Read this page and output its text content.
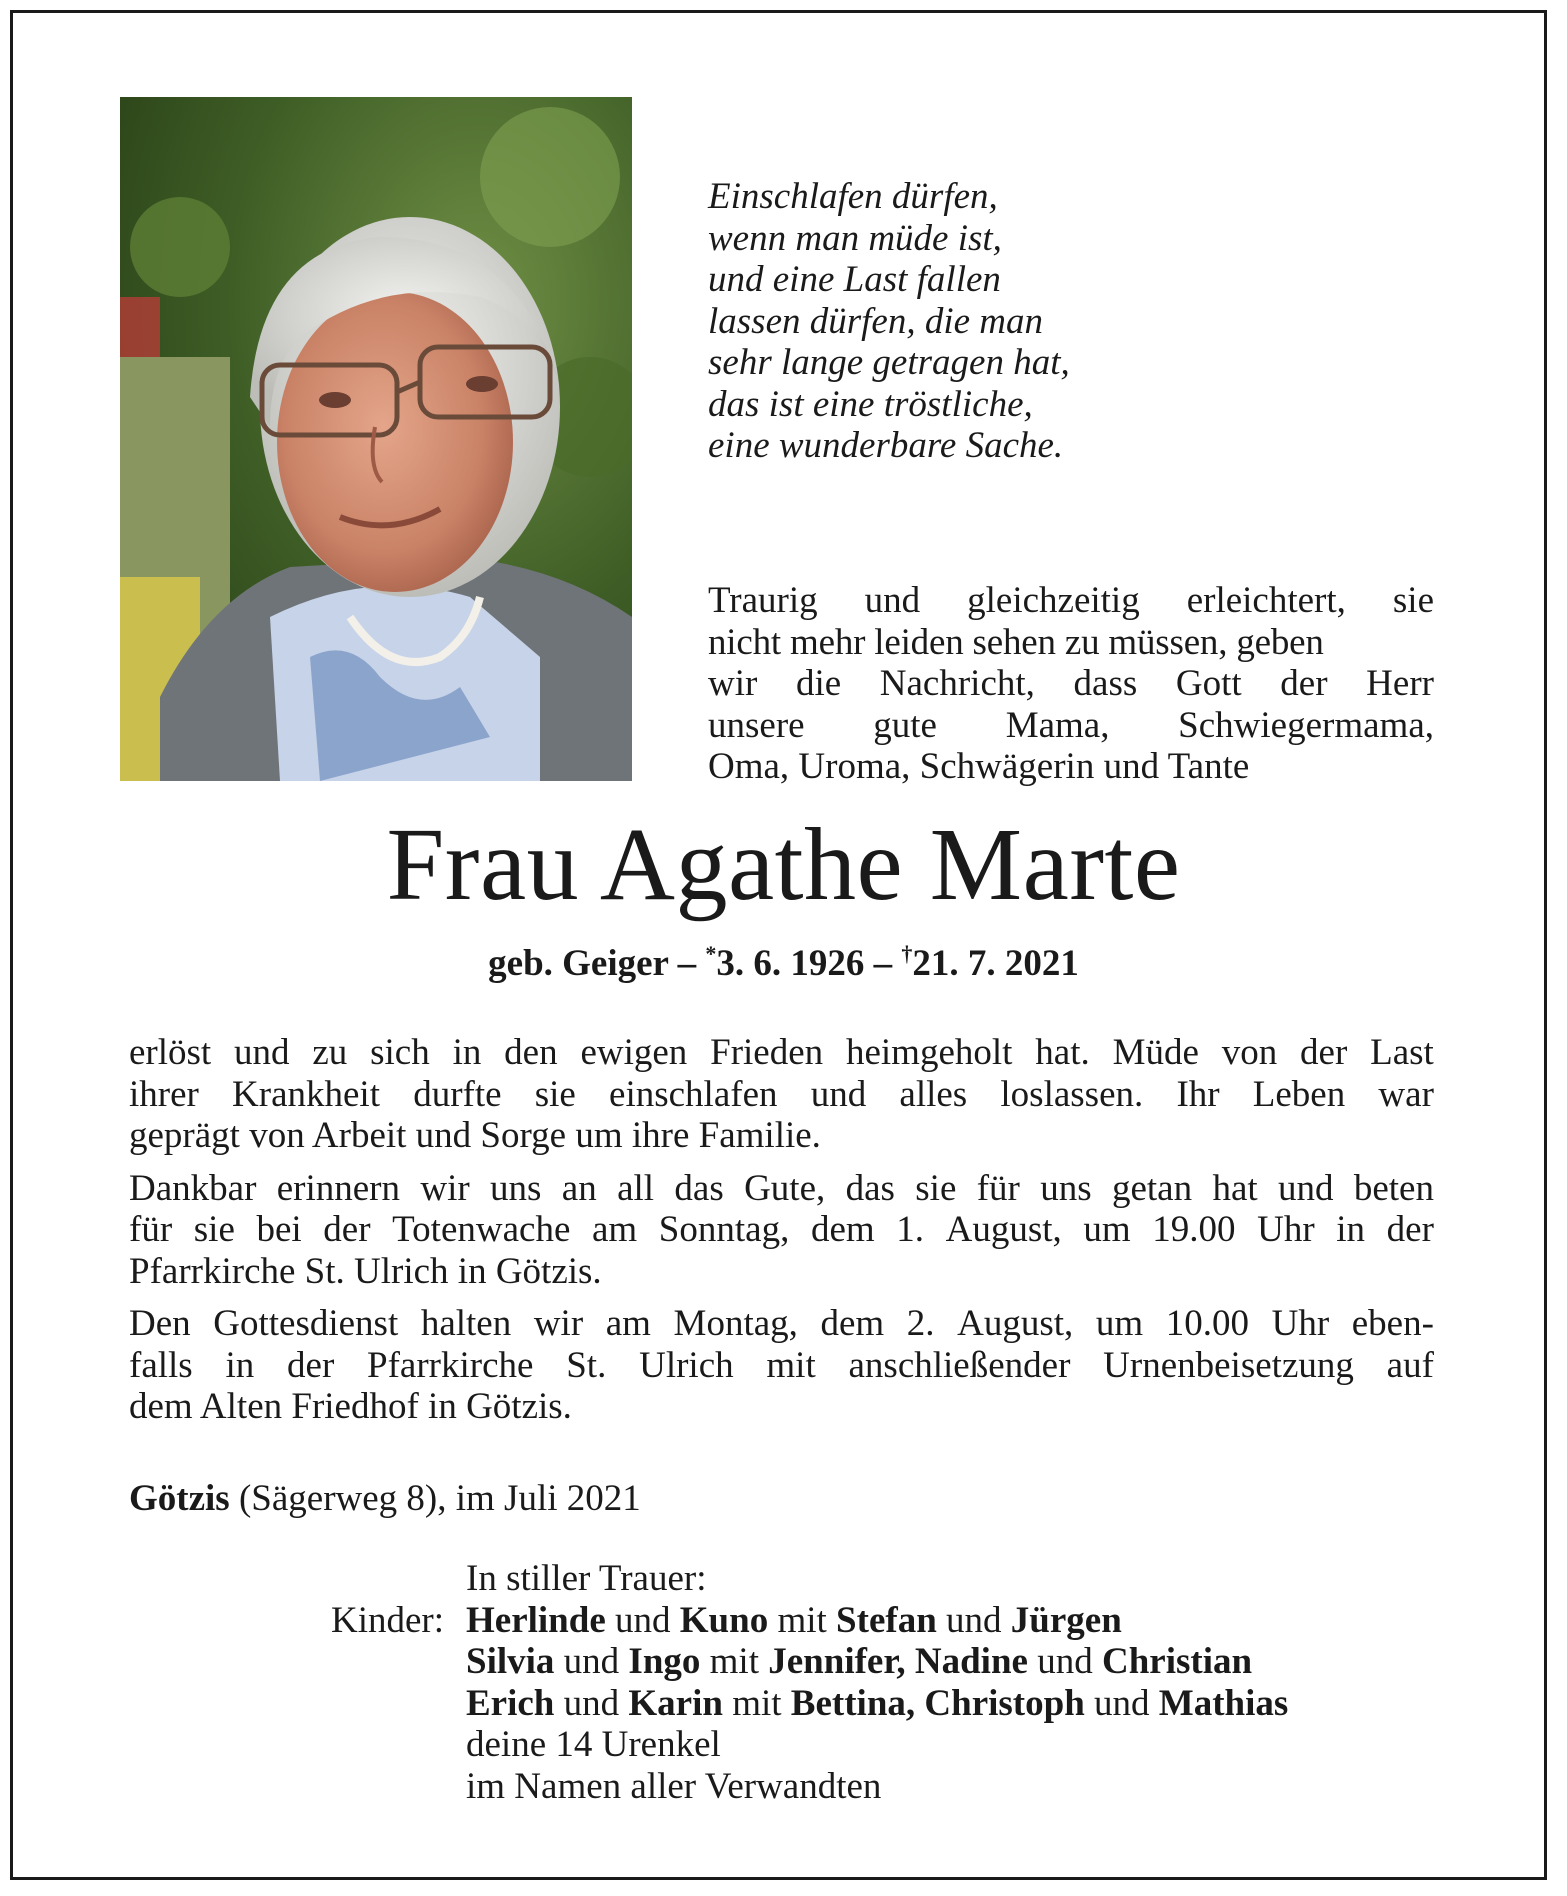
Einschlafen dürfen,
wenn man müde ist,
und eine Last fallen
lassen dürfen, die man
sehr lange getragen hat,
das ist eine tröstliche,
eine wunderbare Sache.
Traurig und gleichzeitig erleichtert, sie
nicht mehr leiden sehen zu müssen, geben
wir die Nachricht, dass Gott der Herr
unsere gute Mama, Schwiegermama,
Oma, Uroma, Schwägerin und Tante
Frau Agathe Marte
geb. Geiger – *3. 6. 1926 – †21. 7. 2021

erlöst und zu sich in den ewigen Frieden heimgeholt hat. Müde von der Last
ihrer Krankheit durfte sie einschlafen und alles loslassen. Ihr Leben war
geprägt von Arbeit und Sorge um ihre Familie.

Dankbar erinnern wir uns an all das Gute, das sie für uns getan hat und beten
für sie bei der Totenwache am Sonntag, dem 1. August, um 19.00 Uhr in der
Pfarrkirche St. Ulrich in Götzis.

Den Gottesdienst halten wir am Montag, dem 2. August, um 10.00 Uhr eben-
falls in der Pfarrkirche St. Ulrich mit anschließender Urnenbeisetzung auf
dem Alten Friedhof in Götzis.

Götzis (Sägerweg 8), im Juli 2021
In stiller Trauer:
Kinder: Herlinde und Kuno mit Stefan und Jürgen
Silvia und Ingo mit Jennifer, Nadine und Christian
Erich und Karin mit Bettina, Christoph und Mathias
deine 14 Urenkel
im Namen aller Verwandten
